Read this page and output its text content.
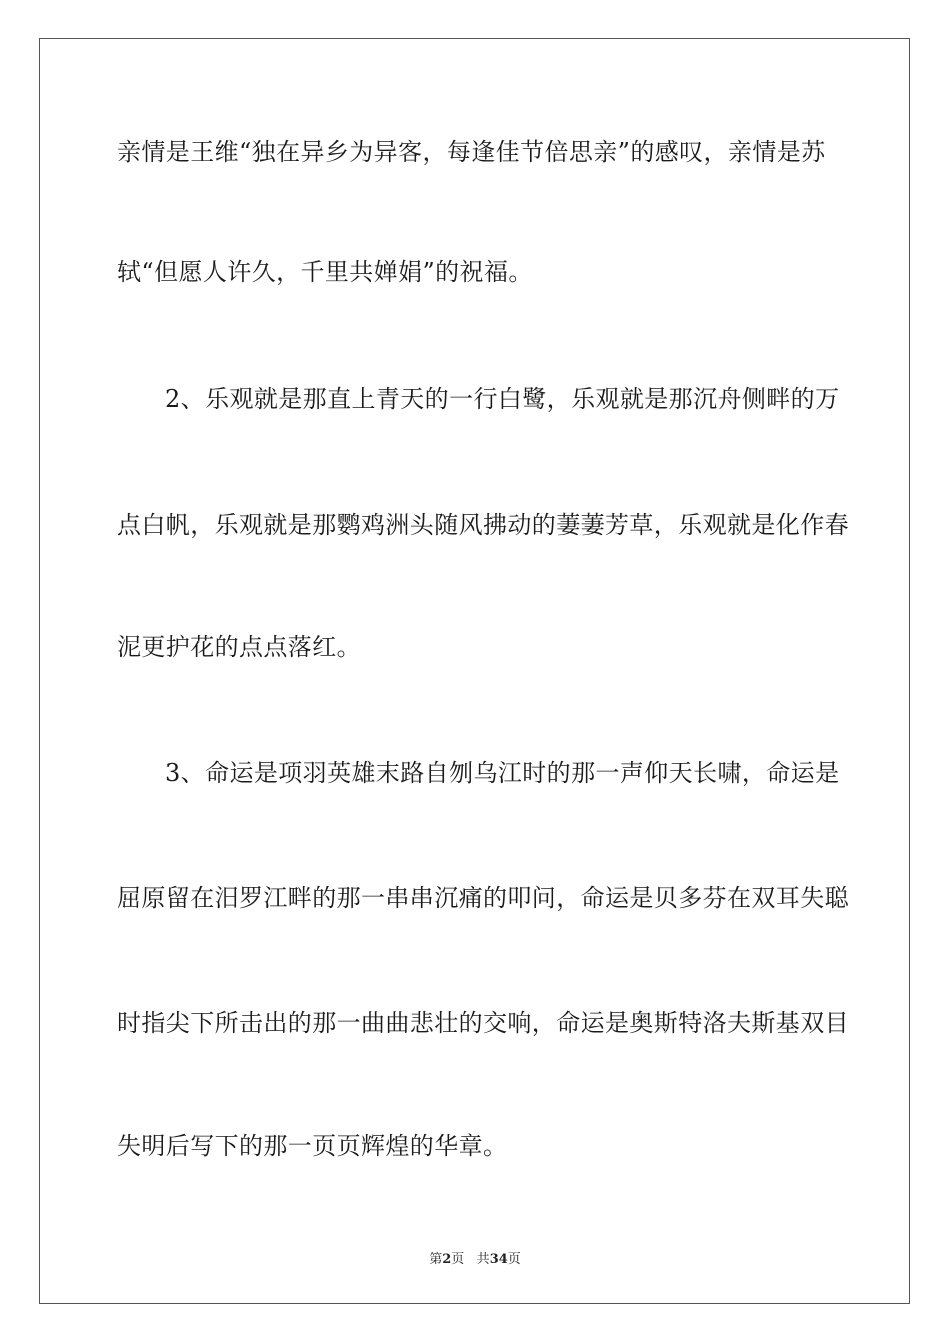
亲情是王维“独在异乡为异客，每逢佳节倍思亲”的感叹，亲情是苏
轼“但愿人许久，千里共婵娟”的祝福。
2、乐观就是那直上青天的一行白鹭，乐观就是那沉舟侧畔的万
点白帆，乐观就是那鹦鸡洲头随风拂动的萋萋芳草，乐观就是化作春
泥更护花的点点落红。
3、命运是项羽英雄末路自刎乌江时的那一声仰天长啸，命运是
屈原留在汨罗江畔的那一串串沉痛的叩问，命运是贝多芬在双耳失聪
时指尖下所击出的那一曲曲悲壮的交响，命运是奥斯特洛夫斯基双目
失明后写下的那一页页辉煌的华章。
第2页 共34页
